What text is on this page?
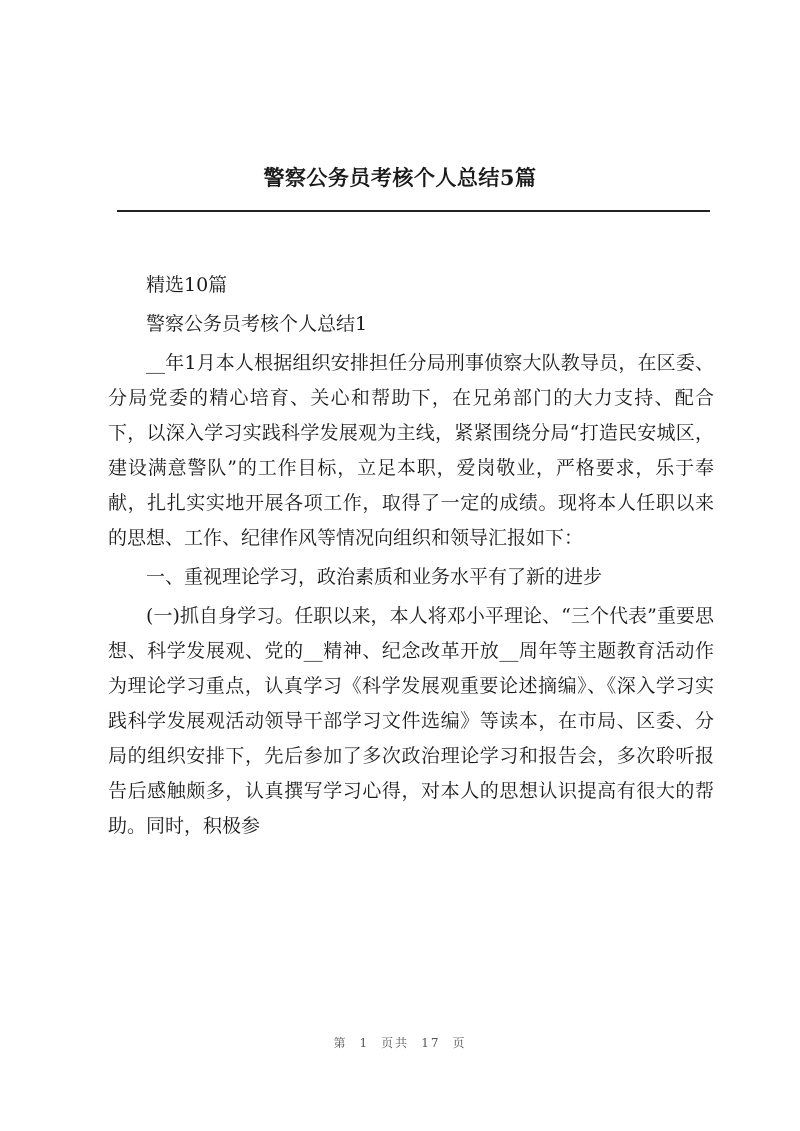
警察公务员考核个人总结5篇

精选10篇

警察公务员考核个人总结1

__年1月本人根据组织安排担任分局刑事侦察大队教导员，在区委、分局党委的精心培育、关心和帮助下，在兄弟部门的大力支持、配合下，以深入学习实践科学发展观为主线，紧紧围绕分局“打造民安城区，建设满意警队”的工作目标，立足本职，爱岗敬业，严格要求，乐于奉献，扎扎实实地开展各项工作，取得了一定的成绩。现将本人任职以来的思想、工作、纪律作风等情况向组织和领导汇报如下：

一、重视理论学习，政治素质和业务水平有了新的进步

(一)抓自身学习。任职以来，本人将邓小平理论、“三个代表”重要思想、科学发展观、党的__精神、纪念改革开放__周年等主题教育活动作为理论学习重点，认真学习《科学发展观重要论述摘编》、《深入学习实践科学发展观活动领导干部学习文件选编》等读本，在市局、区委、分局的组织安排下，先后参加了多次政治理论学习和报告会，多次聆听报告后感触颇多，认真撰写学习心得，对本人的思想认识提高有很大的帮助。同时，积极参

第 1 页共 17 页
